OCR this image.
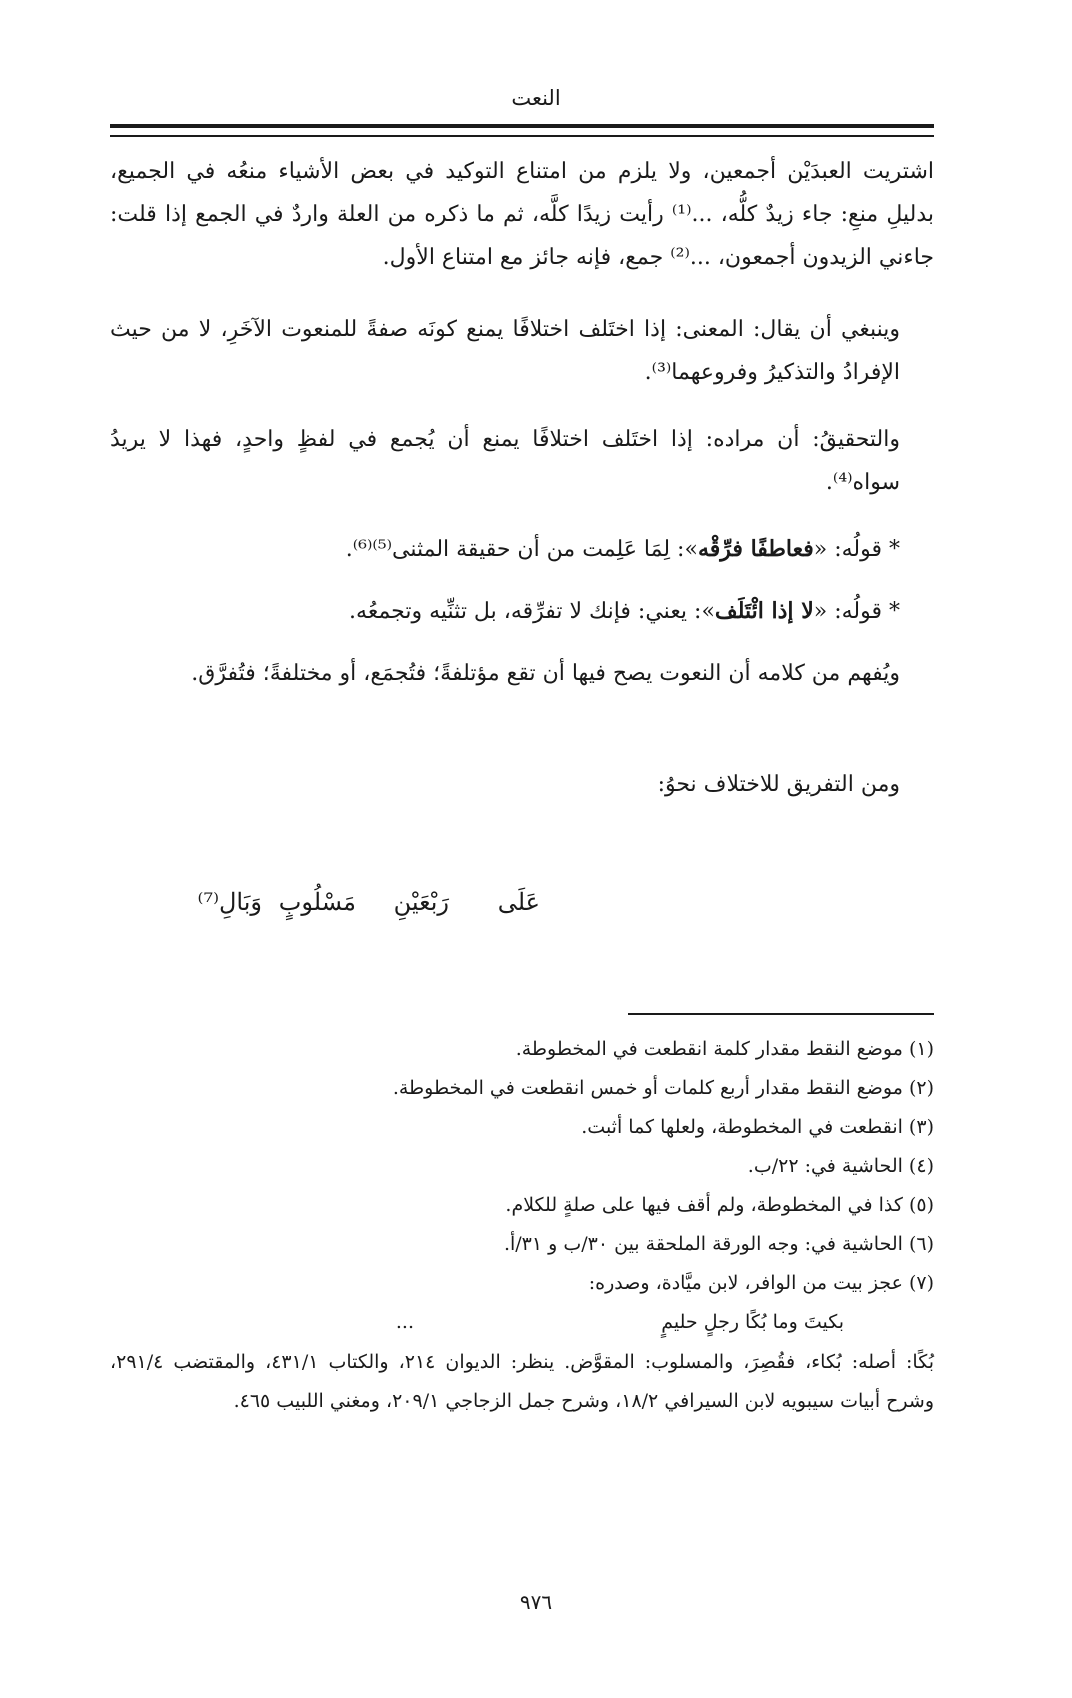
النعت

اشتريت العبدَيْن أجمعين، ولا يلزم من امتناع التوكيد في بعض الأشياء منعُه في الجميع، بدليلِ منعِ: جاء زيدٌ كلُّه، ...⁽¹⁾ رأيت زيدًا كلَّه، ثم ما ذكره من العلة واردٌ في الجمع إذا قلت: جاءني الزيدون أجمعون، ...⁽²⁾ جمع، فإنه جائز مع امتناع الأول.

وينبغي أن يقال: المعنى: إذا اختَلف اختلافًا يمنع كونَه صفةً للمنعوت الآخَرِ، لا من حيث الإفرادُ والتذكيرُ وفروعهما⁽³⁾.

والتحقيقُ: أن مراده: إذا اختَلف اختلافًا يمنع أن يُجمع في لفظٍ واحدٍ، فهذا لا يريدُ سواه⁽⁴⁾.

* قولُه: «فعاطفًا فرِّقْه»: لِمَا عَلِمت من أن حقيقة المثنى⁽⁵⁾⁽⁶⁾.

* قولُه: «لا إذا ائْتَلَف»: يعني: فإنك لا تفرِّقه، بل تثنِّيه وتجمعُه.

ويُفهم من كلامه أن النعوت يصح فيها أن تقع مؤتلفةً؛ فتُجمَع، أو مختلفةً؛ فتُفرَّق.

ومن التفريق للاختلاف نحوُ:

عَلَى
رَبْعَيْنِ
مَسْلُوبٍ
وَبَالِ⁽⁷⁾

(١) موضع النقط مقدار كلمة انقطعت في المخطوطة.

(٢) موضع النقط مقدار أربع كلمات أو خمس انقطعت في المخطوطة.

(٣) انقطعت في المخطوطة، ولعلها كما أثبت.

(٤) الحاشية في: ٢٢/ب.

(٥) كذا في المخطوطة، ولم أقف فيها على صلةٍ للكلام.

(٦) الحاشية في: وجه الورقة الملحقة بين ٣٠/ب و ٣١/أ.

(٧) عجز بيت من الوافر، لابن ميَّادة، وصدره:

بكيتَ وما بُكًا رجلٍ حليمٍ
...

بُكًا: أصله: بُكاء، فقُصِرَ، والمسلوب: المقوَّض. ينظر: الديوان ٢١٤، والكتاب ٤٣١/١، والمقتضب ٢٩١/٤، وشرح أبيات سيبويه لابن السيرافي ١٨/٢، وشرح جمل الزجاجي ٢٠٩/١، ومغني اللبيب ٤٦٥.

٩٧٦
